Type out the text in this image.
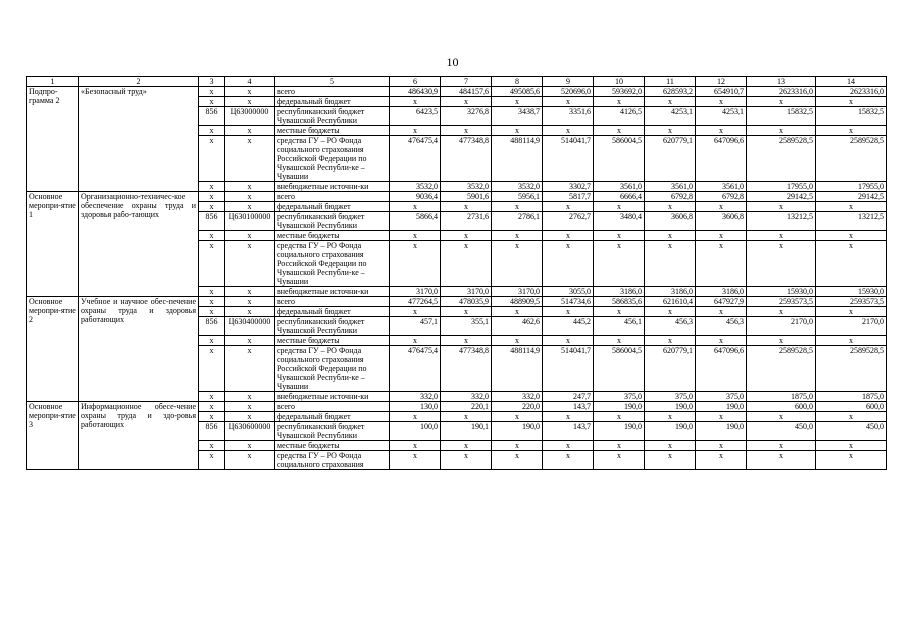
10
1	2	3	4	5	6	7	8	9	10	11	12	13	14
Подпро-грамма 2	«Безопасный труд»	x	x	всего	486430,9	484157,6	495085,6	520696,0	593692,0	628593,2	654910,7	2623316,0	2623316,0
		x	x	федеральный бюджет	x	x	x	x	x	x	x	x	x
		856	Ц63000000	республиканский бюджет Чувашской Республики	6423,5	3276,8	3438,7	3351,6	4126,5	4253,1	4253,1	15832,5	15832,5
		x	x	местные бюджеты	x	x	x	x	x	x	x	x	x
		x	x	средства ГУ – РО Фонда социального страхования Российской Федерации по Чувашской Республи-ке – Чувашии	476475,4	477348,8	488114,9	514041,7	586004,5	620779,1	647096,6	2589528,5	2589528,5
		x	x	внебюджетные источни-ки	3532,0	3532,0	3532,0	3302,7	3561,0	3561,0	3561,0	17955,0	17955,0
Основное меропри-ятие 1	Организационно-техничес-кое обеспечение охраны труда и здоровья рабо-тающих	x	x	всего	9036,4	5901,6	5956,1	5817,7	6666,4	6792,8	6792,8	29142,5	29142,5
		x	x	федеральный бюджет	x	x	x	x	x	x	x	x	x
		856	Ц630100000	республиканский бюджет Чувашской Республики	5866,4	2731,6	2786,1	2762,7	3480,4	3606,8	3606,8	13212,5	13212,5
		x	x	местные бюджеты	x	x	x	x	x	x	x	x	x
		x	x	средства ГУ – РО Фонда социального страхования Российской Федерации по Чувашской Республи-ке – Чувашии	x	x	x	x	x	x	x	x	x
		x	x	внебюджетные источни-ки	3170,0	3170,0	3170,0	3055,0	3186,0	3186,0	3186,0	15930,0	15930,0
Основное меропри-ятие 2	Учебное и научное обес-печение охраны труда и здоровья работающих	x	x	всего	477264,5	478035,9	488909,5	514734,6	586835,6	621610,4	647927,9	2593573,5	2593573,5
		x	x	федеральный бюджет	x	x	x	x	x	x	x	x	x
		856	Ц630400000	республиканский бюджет Чувашской Республики	457,1	355,1	462,6	445,2	456,1	456,3	456,3	2170,0	2170,0
		x	x	местные бюджеты	x	x	x	x	x	x	x	x	x
		x	x	средства ГУ – РО Фонда социального страхования Российской Федерации по Чувашской Республи-ке – Чувашии	476475,4	477348,8	488114,9	514041,7	586004,5	620779,1	647096,6	2589528,5	2589528,5
		x	x	внебюджетные источни-ки	332,0	332,0	332,0	247,7	375,0	375,0	375,0	1875,0	1875,0
Основное меропри-ятие 3	Информационное обесе-чение охраны труда и здо-ровья работающих	x	x	всего	130,0	220,1	220,0	143,7	190,0	190,0	190,0	600,0	600,0
		x	x	федеральный бюджет	x	x	x	x	x	x	x	x	x
		856	Ц630600000	республиканский бюджет Чувашской Республики	100,0	190,1	190,0	143,7	190,0	190,0	190,0	450,0	450,0
		x	x	местные бюджеты	x	x	x	x	x	x	x	x	x
		x	x	средства ГУ – РО Фонда социального страхования	x	x	x	x	x	x	x	x	x
